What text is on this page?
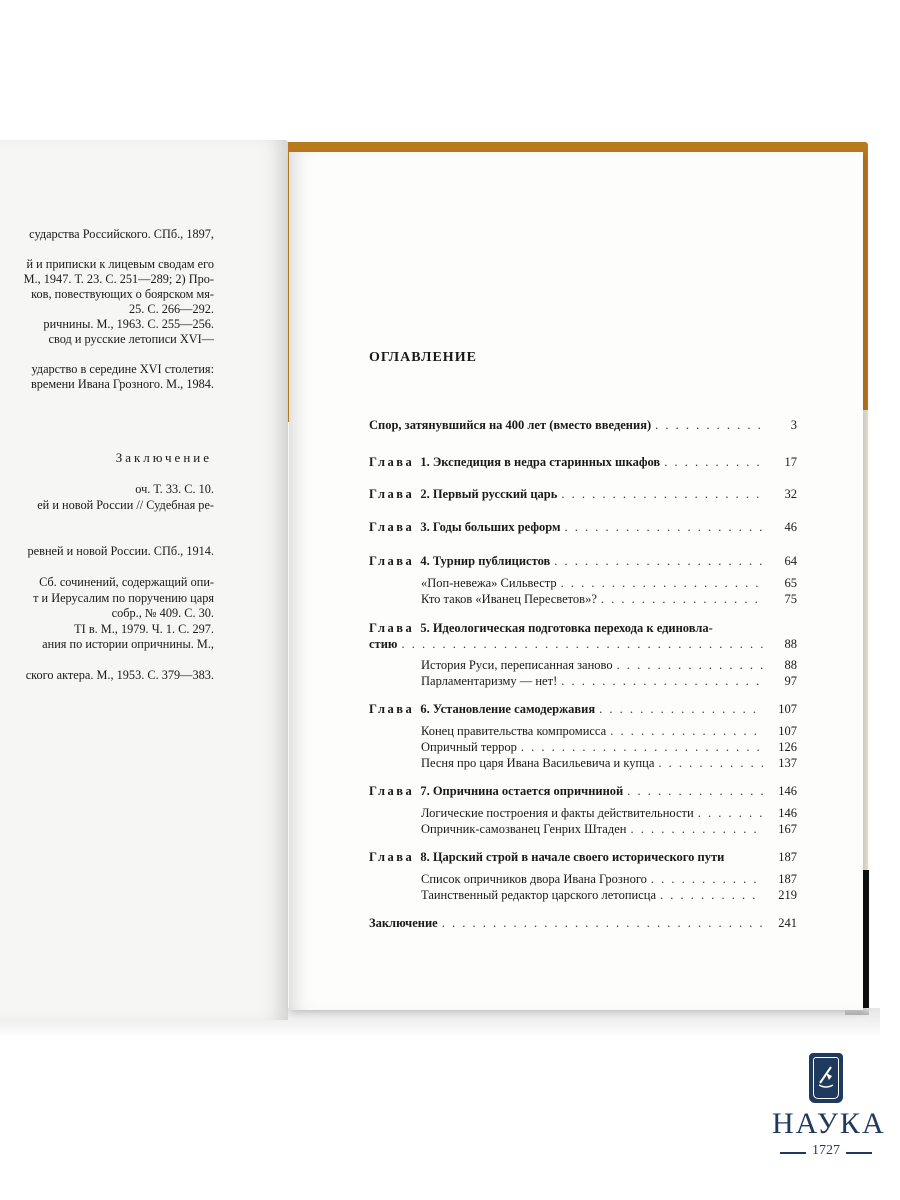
сударства Российского. СПб., 1897,
й и приписки к лицевым сводам его
М., 1947. Т. 23. С. 251—289; 2) Про-
ков, повествующих о боярском мя-
25. С. 266—292.
ричнины. М., 1963. С. 255—256.
свод и русские летописи XVI—
ударство в середине XVI столетия:
времени Ивана Грозного. М., 1984.
Заключение
оч. Т. 33. С. 10.
ей и новой России // Судебная ре-
ревней и новой России. СПб., 1914.
Сб. сочинений, содержащий опи-
т и Иерусалим по поручению царя
собр., № 409. С. 30.
ТІ в. М., 1979. Ч. 1. С. 297.
ания по истории опричнины. М.,
ского актера. М., 1953. С. 379—383.
ОГЛАВЛЕНИЕ
Спор, затянувшийся на 400 лет (вместо введения) . . .	3
Глава 1. Экспедиция в недра старинных шкафов . . .	17
Глава 2. Первый русский царь . . .	32
Глава 3. Годы больших реформ . . .	46
Глава 4. Турнир публицистов . . .	64
«Поп-невежа» Сильвестр . . .	65
Кто таков «Иванец Пересветов»? . . .	75
Глава 5. Идеологическая подготовка перехода к единовла-
стию . . .	88
История Руси, переписанная заново . . .	88
Парламентаризму — нет! . . .	97
Глава 6. Установление самодержавия . . .	107
Конец правительства компромисса . . .	107
Опричный террор . . .	126
Песня про царя Ивана Васильевича и купца . . .	137
Глава 7. Опричнина остается опричниной . . .	146
Логические построения и факты действительности . . .	146
Опричник-самозванец Генрих Штаден . . .	167
Глава 8. Царский строй в начале своего исторического пути	187
Список опричников двора Ивана Грозного . . .	187
Таинственный редактор царского летописца . . .	219
Заключение . . .	241
НАУКА
1727
